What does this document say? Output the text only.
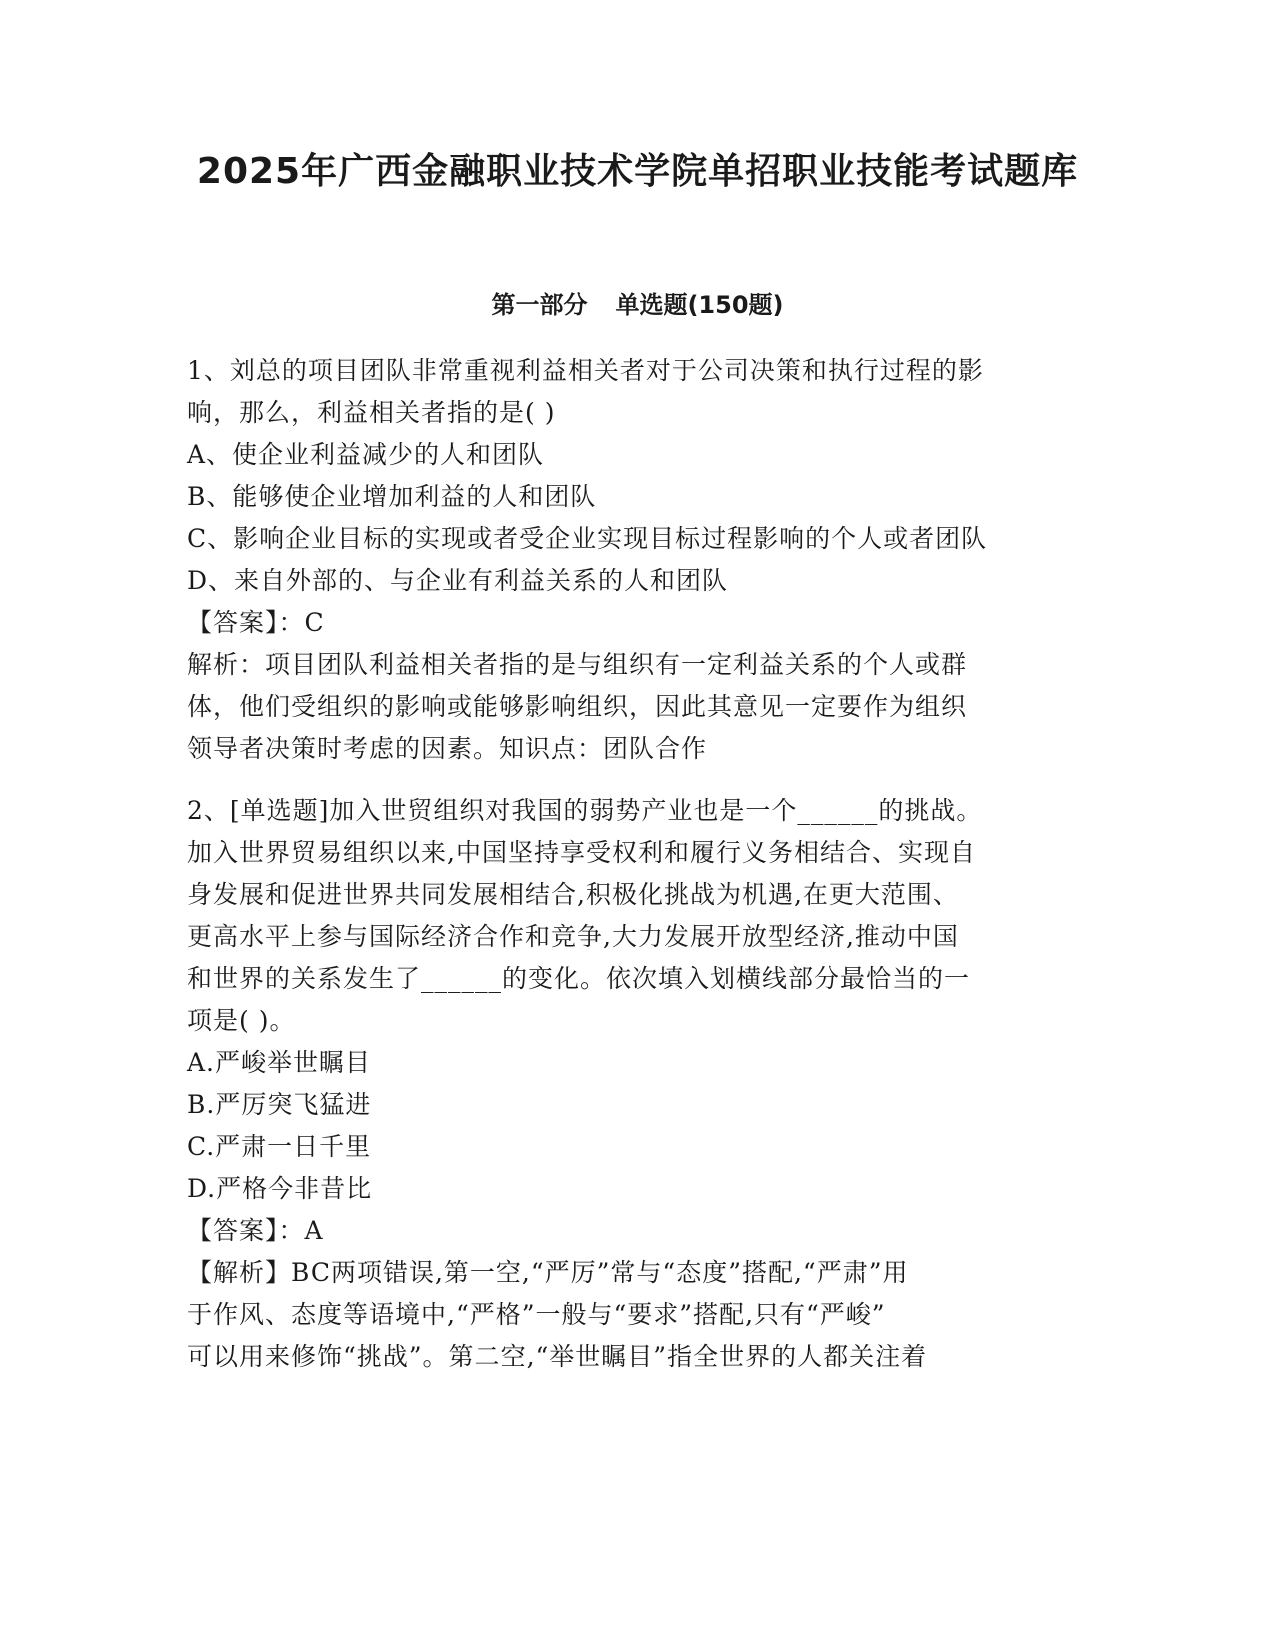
2025年广西金融职业技术学院单招职业技能考试题库
第一部分 单选题(150题)

1、刘总的项目团队非常重视利益相关者对于公司决策和执行过程的影

响，那么，利益相关者指的是( )

A、使企业利益减少的人和团队

B、能够使企业增加利益的人和团队

C、影响企业目标的实现或者受企业实现目标过程影响的个人或者团队

D、来自外部的、与企业有利益关系的人和团队

【答案】：C

解析：项目团队利益相关者指的是与组织有一定利益关系的个人或群

体，他们受组织的影响或能够影响组织，因此其意见一定要作为组织

领导者决策时考虑的因素。知识点：团队合作

2、[单选题]加入世贸组织对我国的弱势产业也是一个______的挑战。

加入世界贸易组织以来,中国坚持享受权利和履行义务相结合、实现自

身发展和促进世界共同发展相结合,积极化挑战为机遇,在更大范围、

更高水平上参与国际经济合作和竞争,大力发展开放型经济,推动中国

和世界的关系发生了______的变化。依次填入划横线部分最恰当的一

项是( )。

A.严峻举世瞩目

B.严厉突飞猛进

C.严肃一日千里

D.严格今非昔比

【答案】：A

【解析】BC两项错误,第一空,“严厉”常与“态度”搭配,“严肃”用

于作风、态度等语境中,“严格”一般与“要求”搭配,只有“严峻”

可以用来修饰“挑战”。第二空,“举世瞩目”指全世界的人都关注着
